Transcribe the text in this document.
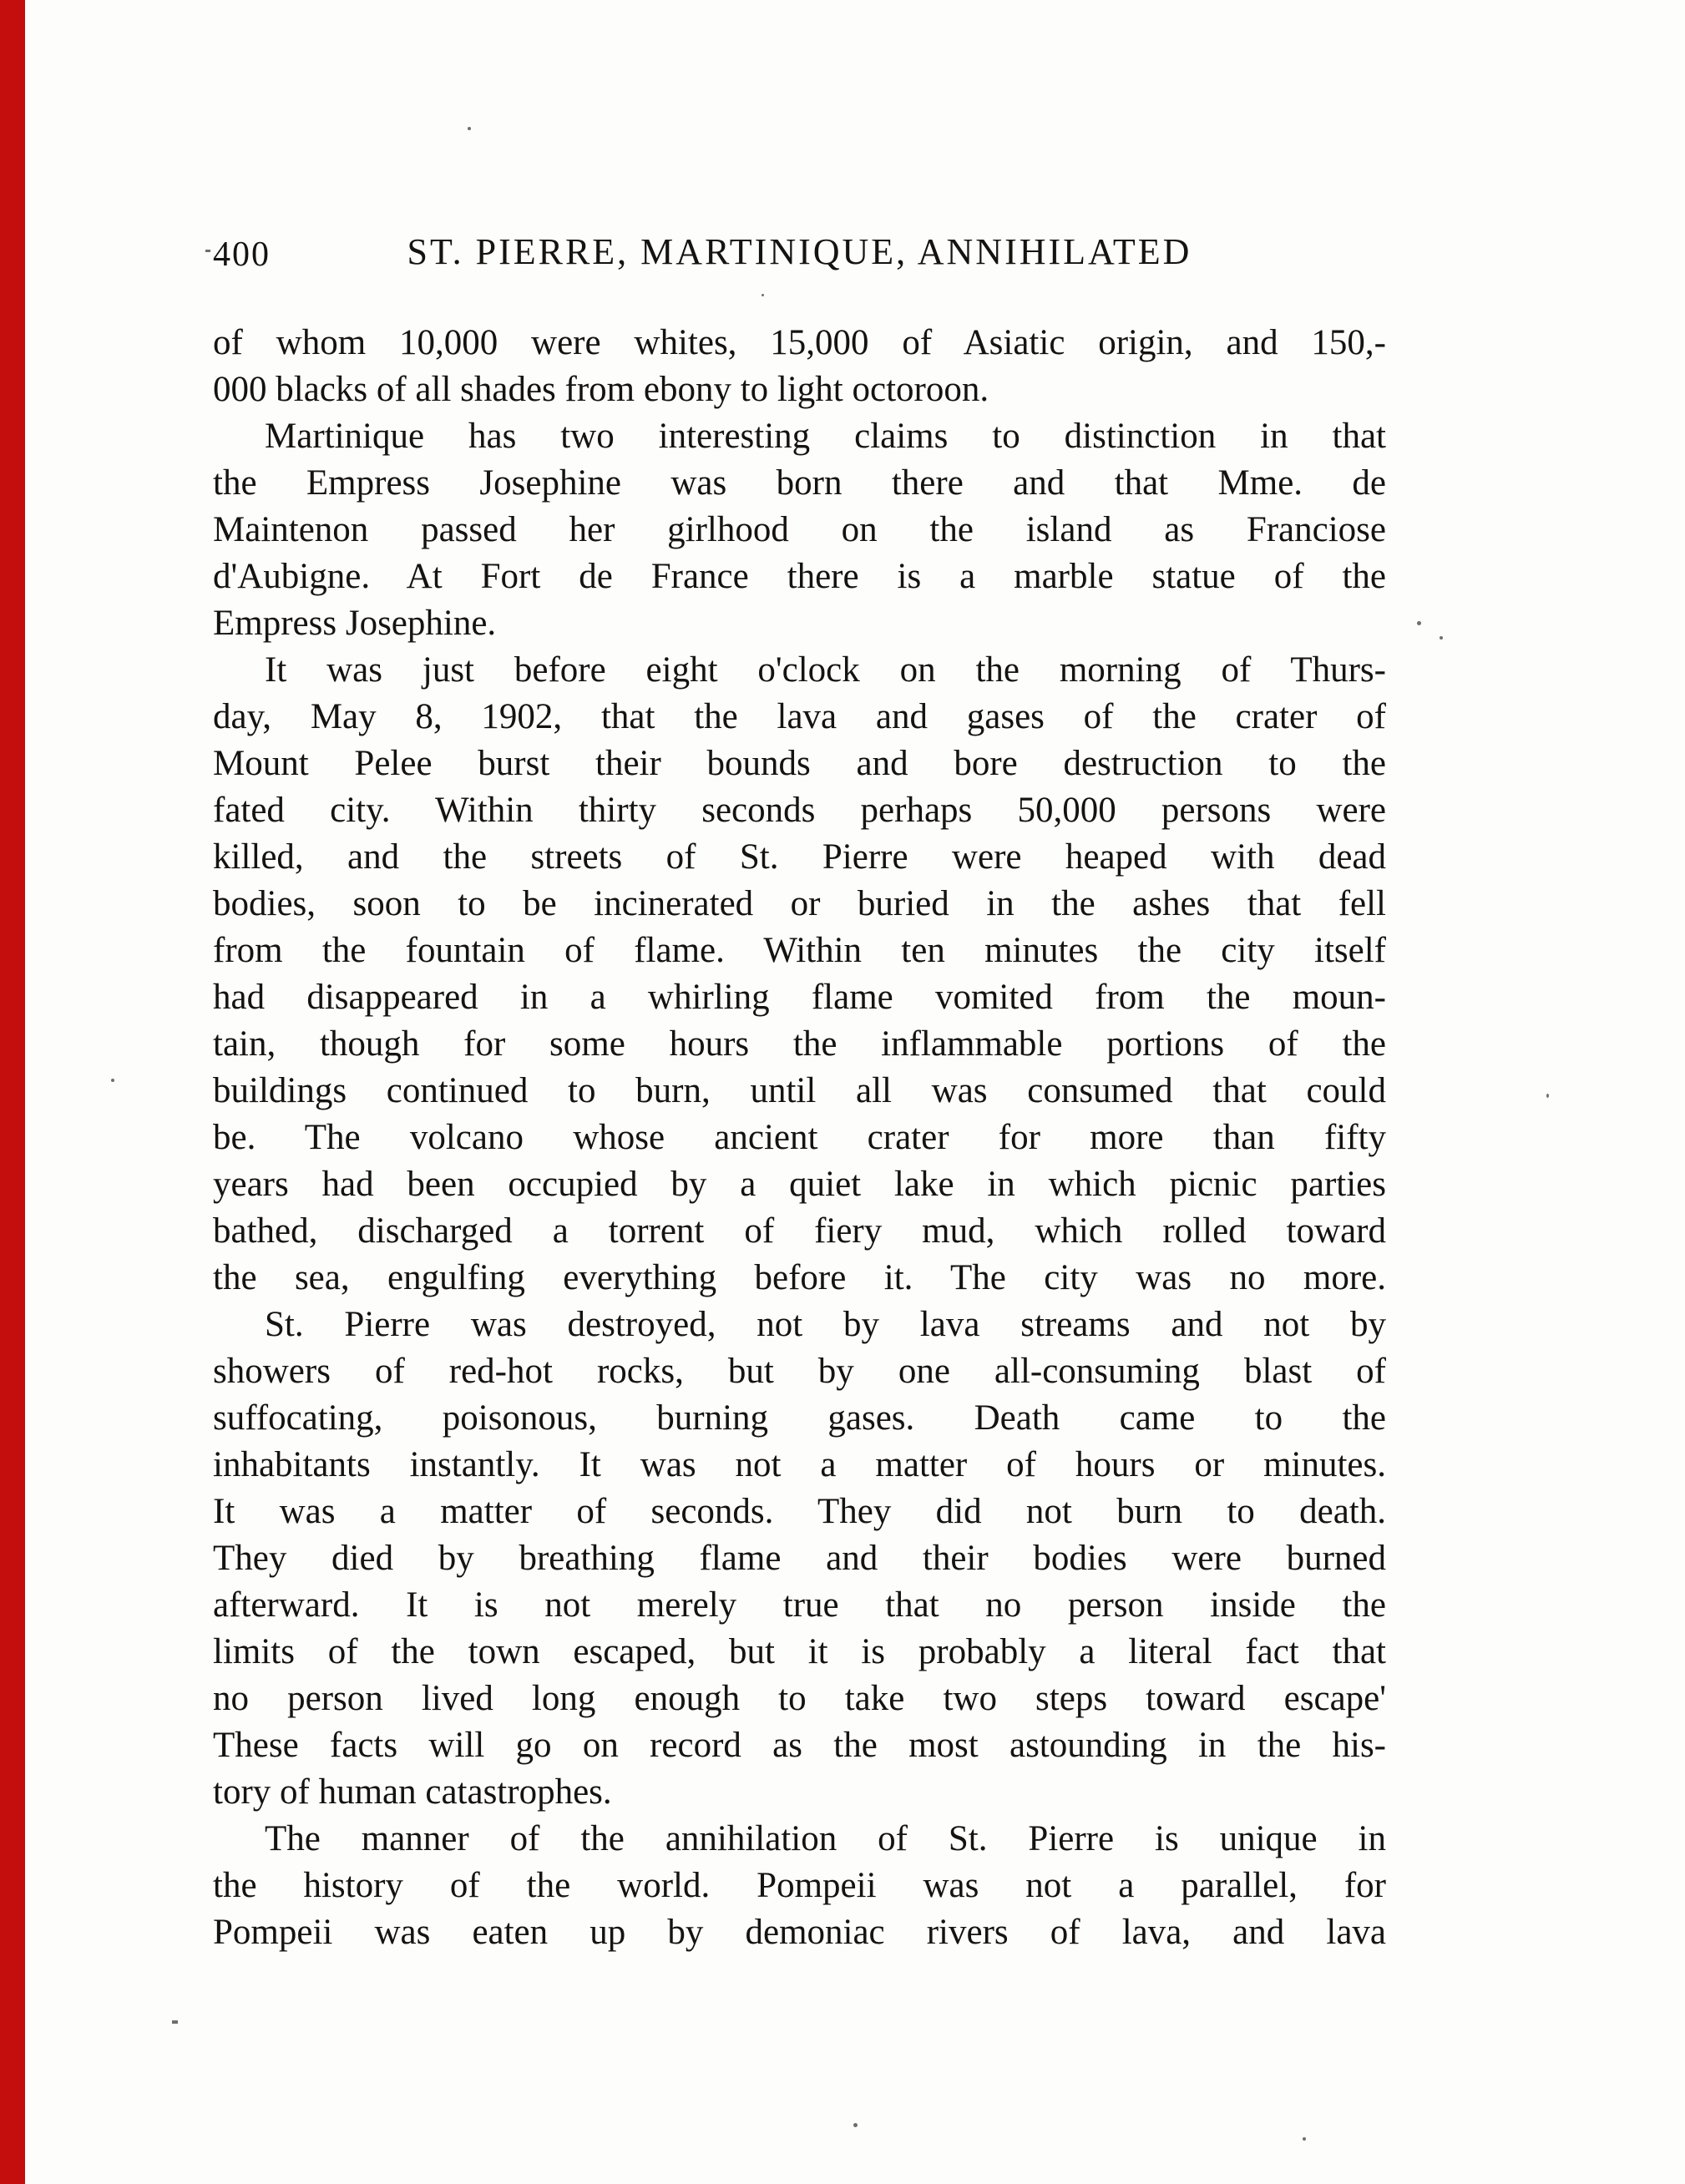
400	ST. PIERRE, MARTINIQUE, ANNIHILATED
of whom 10,000 were whites, 15,000 of Asiatic origin, and 150,-
000 blacks of all shades from ebony to light octoroon.
Martinique has two interesting claims to distinction in that
the Empress Josephine was born there and that Mme. de
Maintenon passed her girlhood on the island as Franciose
d'Aubigne. At Fort de France there is a marble statue of the
Empress Josephine.
It was just before eight o'clock on the morning of Thurs-
day, May 8, 1902, that the lava and gases of the crater of
Mount Pelee burst their bounds and bore destruction to the
fated city. Within thirty seconds perhaps 50,000 persons were
killed, and the streets of St. Pierre were heaped with dead
bodies, soon to be incinerated or buried in the ashes that fell
from the fountain of flame. Within ten minutes the city itself
had disappeared in a whirling flame vomited from the moun-
tain, though for some hours the inflammable portions of the
buildings continued to burn, until all was consumed that could
be. The volcano whose ancient crater for more than fifty
years had been occupied by a quiet lake in which picnic parties
bathed, discharged a torrent of fiery mud, which rolled toward
the sea, engulfing everything before it. The city was no more.
St. Pierre was destroyed, not by lava streams and not by
showers of red-hot rocks, but by one all-consuming blast of
suffocating, poisonous, burning gases. Death came to the
inhabitants instantly. It was not a matter of hours or minutes.
It was a matter of seconds. They did not burn to death.
They died by breathing flame and their bodies were burned
afterward. It is not merely true that no person inside the
limits of the town escaped, but it is probably a literal fact that
no person lived long enough to take two steps toward escape'
These facts will go on record as the most astounding in the his-
tory of human catastrophes.
The manner of the annihilation of St. Pierre is unique in
the history of the world. Pompeii was not a parallel, for
Pompeii was eaten up by demoniac rivers of lava, and lava
